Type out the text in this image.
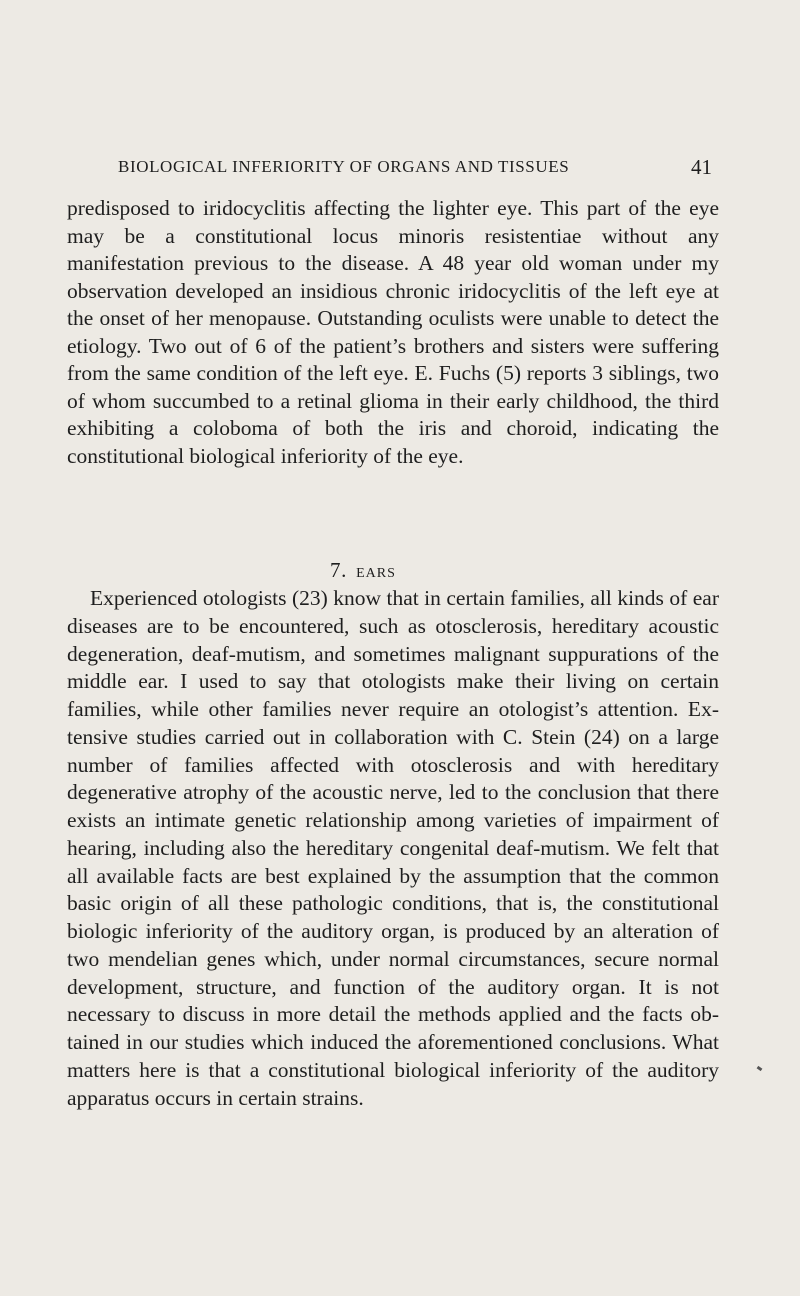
BIOLOGICAL INFERIORITY OF ORGANS AND TISSUES	41

predisposed to iridocyclitis affecting the lighter eye. This part of the eye may be a constitutional locus minoris resistentiae without any manifestation previous to the disease. A 48 year old woman under my observation developed an insidious chronic iridocyclitis of the left eye at the onset of her menopause. Outstanding oculists were unable to detect the etiology. Two out of 6 of the patient’s brothers and sisters were suffering from the same condition of the left eye. E. Fuchs (5) reports 3 siblings, two of whom succumbed to a retinal glioma in their early childhood, the third exhibiting a coloboma of both the iris and choroid, indicating the constitutional biological inferiority of the eye.

7. EARS

Experienced otologists (23) know that in certain families, all kinds of ear diseases are to be encountered, such as otosclerosis, hereditary acoustic degeneration, deaf-mutism, and sometimes malignant suppurations of the middle ear. I used to say that otologists make their living on certain families, while other families never require an otologist’s attention. Extensive studies carried out in collaboration with C. Stein (24) on a large number of families affected with otosclerosis and with hereditary degenerative atrophy of the acoustic nerve, led to the conclusion that there exists an intimate genetic relationship among varieties of impairment of hearing, including also the hereditary congenital deaf-mutism. We felt that all available facts are best explained by the assumption that the common basic origin of all these pathologic conditions, that is, the constitutional biologic inferiority of the auditory organ, is produced by an alteration of two mendelian genes which, under normal circumstances, secure normal development, structure, and function of the auditory organ. It is not necessary to discuss in more detail the methods applied and the facts obtained in our studies which induced the aforementioned conclusions. What matters here is that a constitutional biological inferiority of the auditory apparatus occurs in certain strains.
